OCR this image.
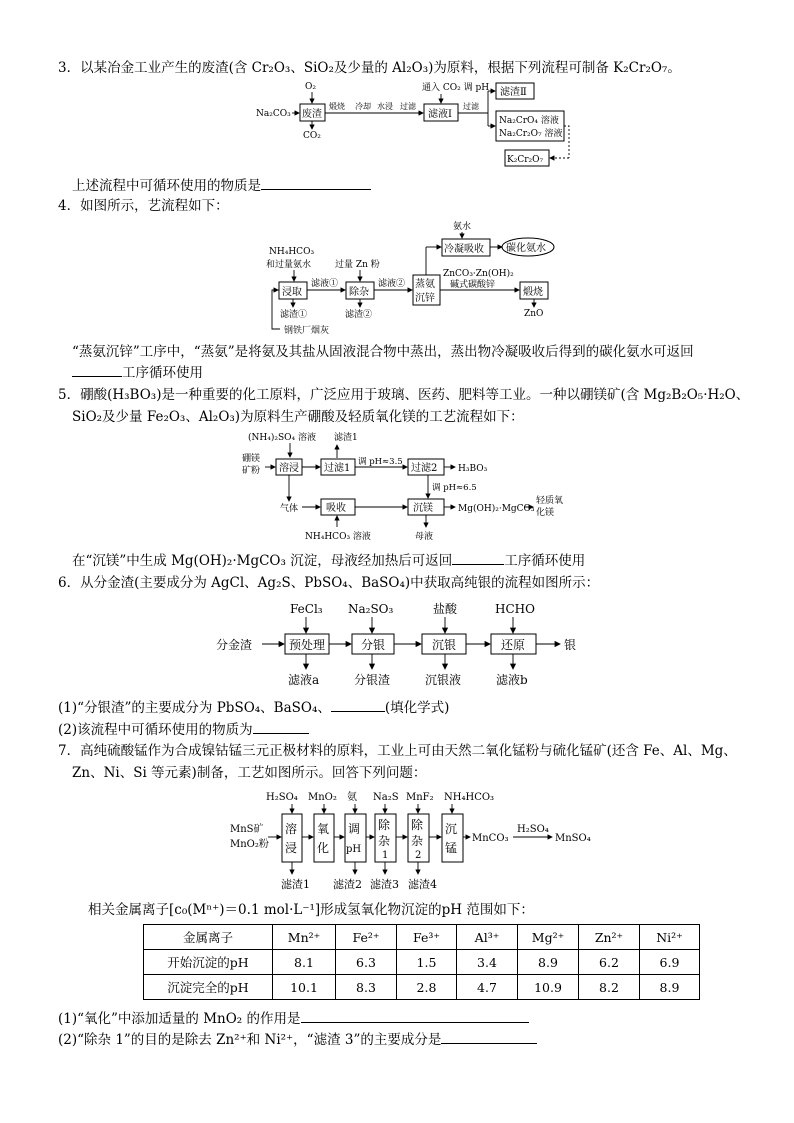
3．以某冶金工业产生的废渣(含 Cr₂O₃、SiO₂及少量的 Al₂O₃)为原料，根据下列流程可制备 K₂Cr₂O₇。
Na₂CO₃
O₂
废渣
CO₂
煅烧 冷却 水浸 过滤
通入 CO₂ 调 pH
滤液Ⅰ
过滤
滤渣Ⅱ
Na₂CrO₄ 溶液
Na₂Cr₂O₇ 溶液
K₂Cr₂O₇
上述流程中可循环使用的物质是
4．如图所示，艺流程如下：
NH₄HCO₃
和过量氨水
浸取
滤液①
过量 Zn 粉
除杂
滤液② 蒸氨
沉锌
氨水
冷凝吸收 碳化氨水
ZnCO₃·Zn(OH)₂
碱式碳酸锌
煅烧
ZnO
滤渣①	滤渣②
钢铁厂烟灰
“蒸氨沉锌”工序中，“蒸氨”是将氨及其盐从固液混合物中蒸出，蒸出物冷凝吸收后得到的碳化氨水可返回
工序循环使用
5．硼酸(H₃BO₃)是一种重要的化工原料，广泛应用于玻璃、医药、肥料等工业。一种以硼镁矿(含 Mg₂B₂O₅·H₂O、
SiO₂及少量 Fe₂O₃、Al₂O₃)为原料生产硼酸及轻质氧化镁的工艺流程如下：
(NH₄)₂SO₄ 溶液 滤渣1
硼镁
矿粉 溶浸	过滤1
调 pH≈3.5
过滤2 H₃BO₃
调 pH≈6.5
气体	吸收
NH₄HCO₃ 溶液
沉镁	Mg(OH)₂·MgCO₃
轻质氧
化镁
母液
在“沉镁”中生成 Mg(OH)₂·MgCO₃ 沉淀，母液经加热后可返回	工序循环使用
6．从分金渣(主要成分为 AgCl、Ag₂S、PbSO₄、BaSO₄)中获取高纯银的流程如图所示：
FeCl₃ Na₂SO₃	盐酸	HCHO
分金渣	预处理	分银	沉银	还原	银
滤液a	分银渣	沉银液	滤液b
(1)“分银渣”的主要成分为 PbSO₄、BaSO₄、	(填化学式)
(2)该流程中可循环使用的物质为
7．高纯硫酸锰作为合成镍钴锰三元正极材料的原料，工业上可由天然二氧化锰粉与硫化锰矿(还含 Fe、Al、Mg、
Zn、Ni、Si 等元素)制备，工艺如图所示。回答下列问题：
H₂SO₄ MnO₂ 氨 Na₂S MnF₂ NH₄HCO₃
MnS矿
MnO₂粉
溶
浸
氧
化
调
pH
除
杂
1
除
杂
2
沉
锰
MnCO₃
H₂SO₄
MnSO₄
滤渣1 滤渣2 滤渣3 滤渣4
相关金属离子[c₀(Mⁿ⁺)＝0.1 mol·L⁻¹]形成氢氧化物沉淀的pH 范围如下：
金属离子	Mn²⁺	Fe²⁺	Fe³⁺	Al³⁺	Mg²⁺	Zn²⁺	Ni²⁺
开始沉淀的pH	8.1	6.3	1.5	3.4	8.9	6.2	6.9
沉淀完全的pH	10.1	8.3	2.8	4.7	10.9	8.2	8.9
(1)“氧化”中添加适量的 MnO₂ 的作用是
(2)“除杂 1”的目的是除去 Zn²⁺和 Ni²⁺，“滤渣 3”的主要成分是
